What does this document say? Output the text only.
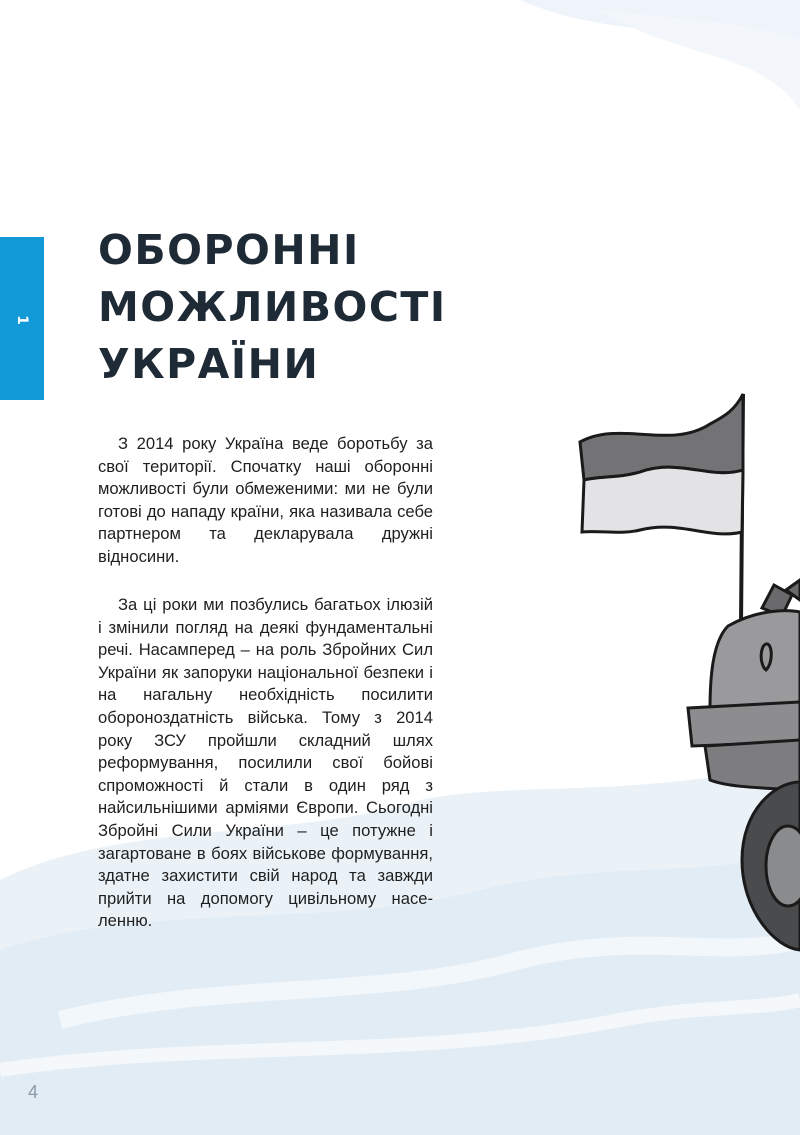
1
ОБОРОННІ
МОЖЛИВОСТІ
УКРАЇНИ

З 2014 року Україна веде боротьбу за свої території. Спочатку наші оборонні можливості були обмеженими: ми не були готові до нападу країни, яка називала себе партнером та декларувала дружні відносини.

За ці роки ми позбулись багатьох ілюзій і змінили погляд на деякі фундаментальні речі. Насамперед – на роль Збройних Сил України як запоруки національної безпеки і на нагальну необхідність посилити обороноздатність війська. Тому з 2014 року ЗСУ пройшли складний шлях реформування, посилили свої бойові спроможності й стали в один ряд з найсильнішими арміями Європи. Сьогодні Збройні Сили України – це потужне і загартоване в боях військове формування, здатне захистити свій народ та завжди прийти на допомогу цивільному населенню.

4
